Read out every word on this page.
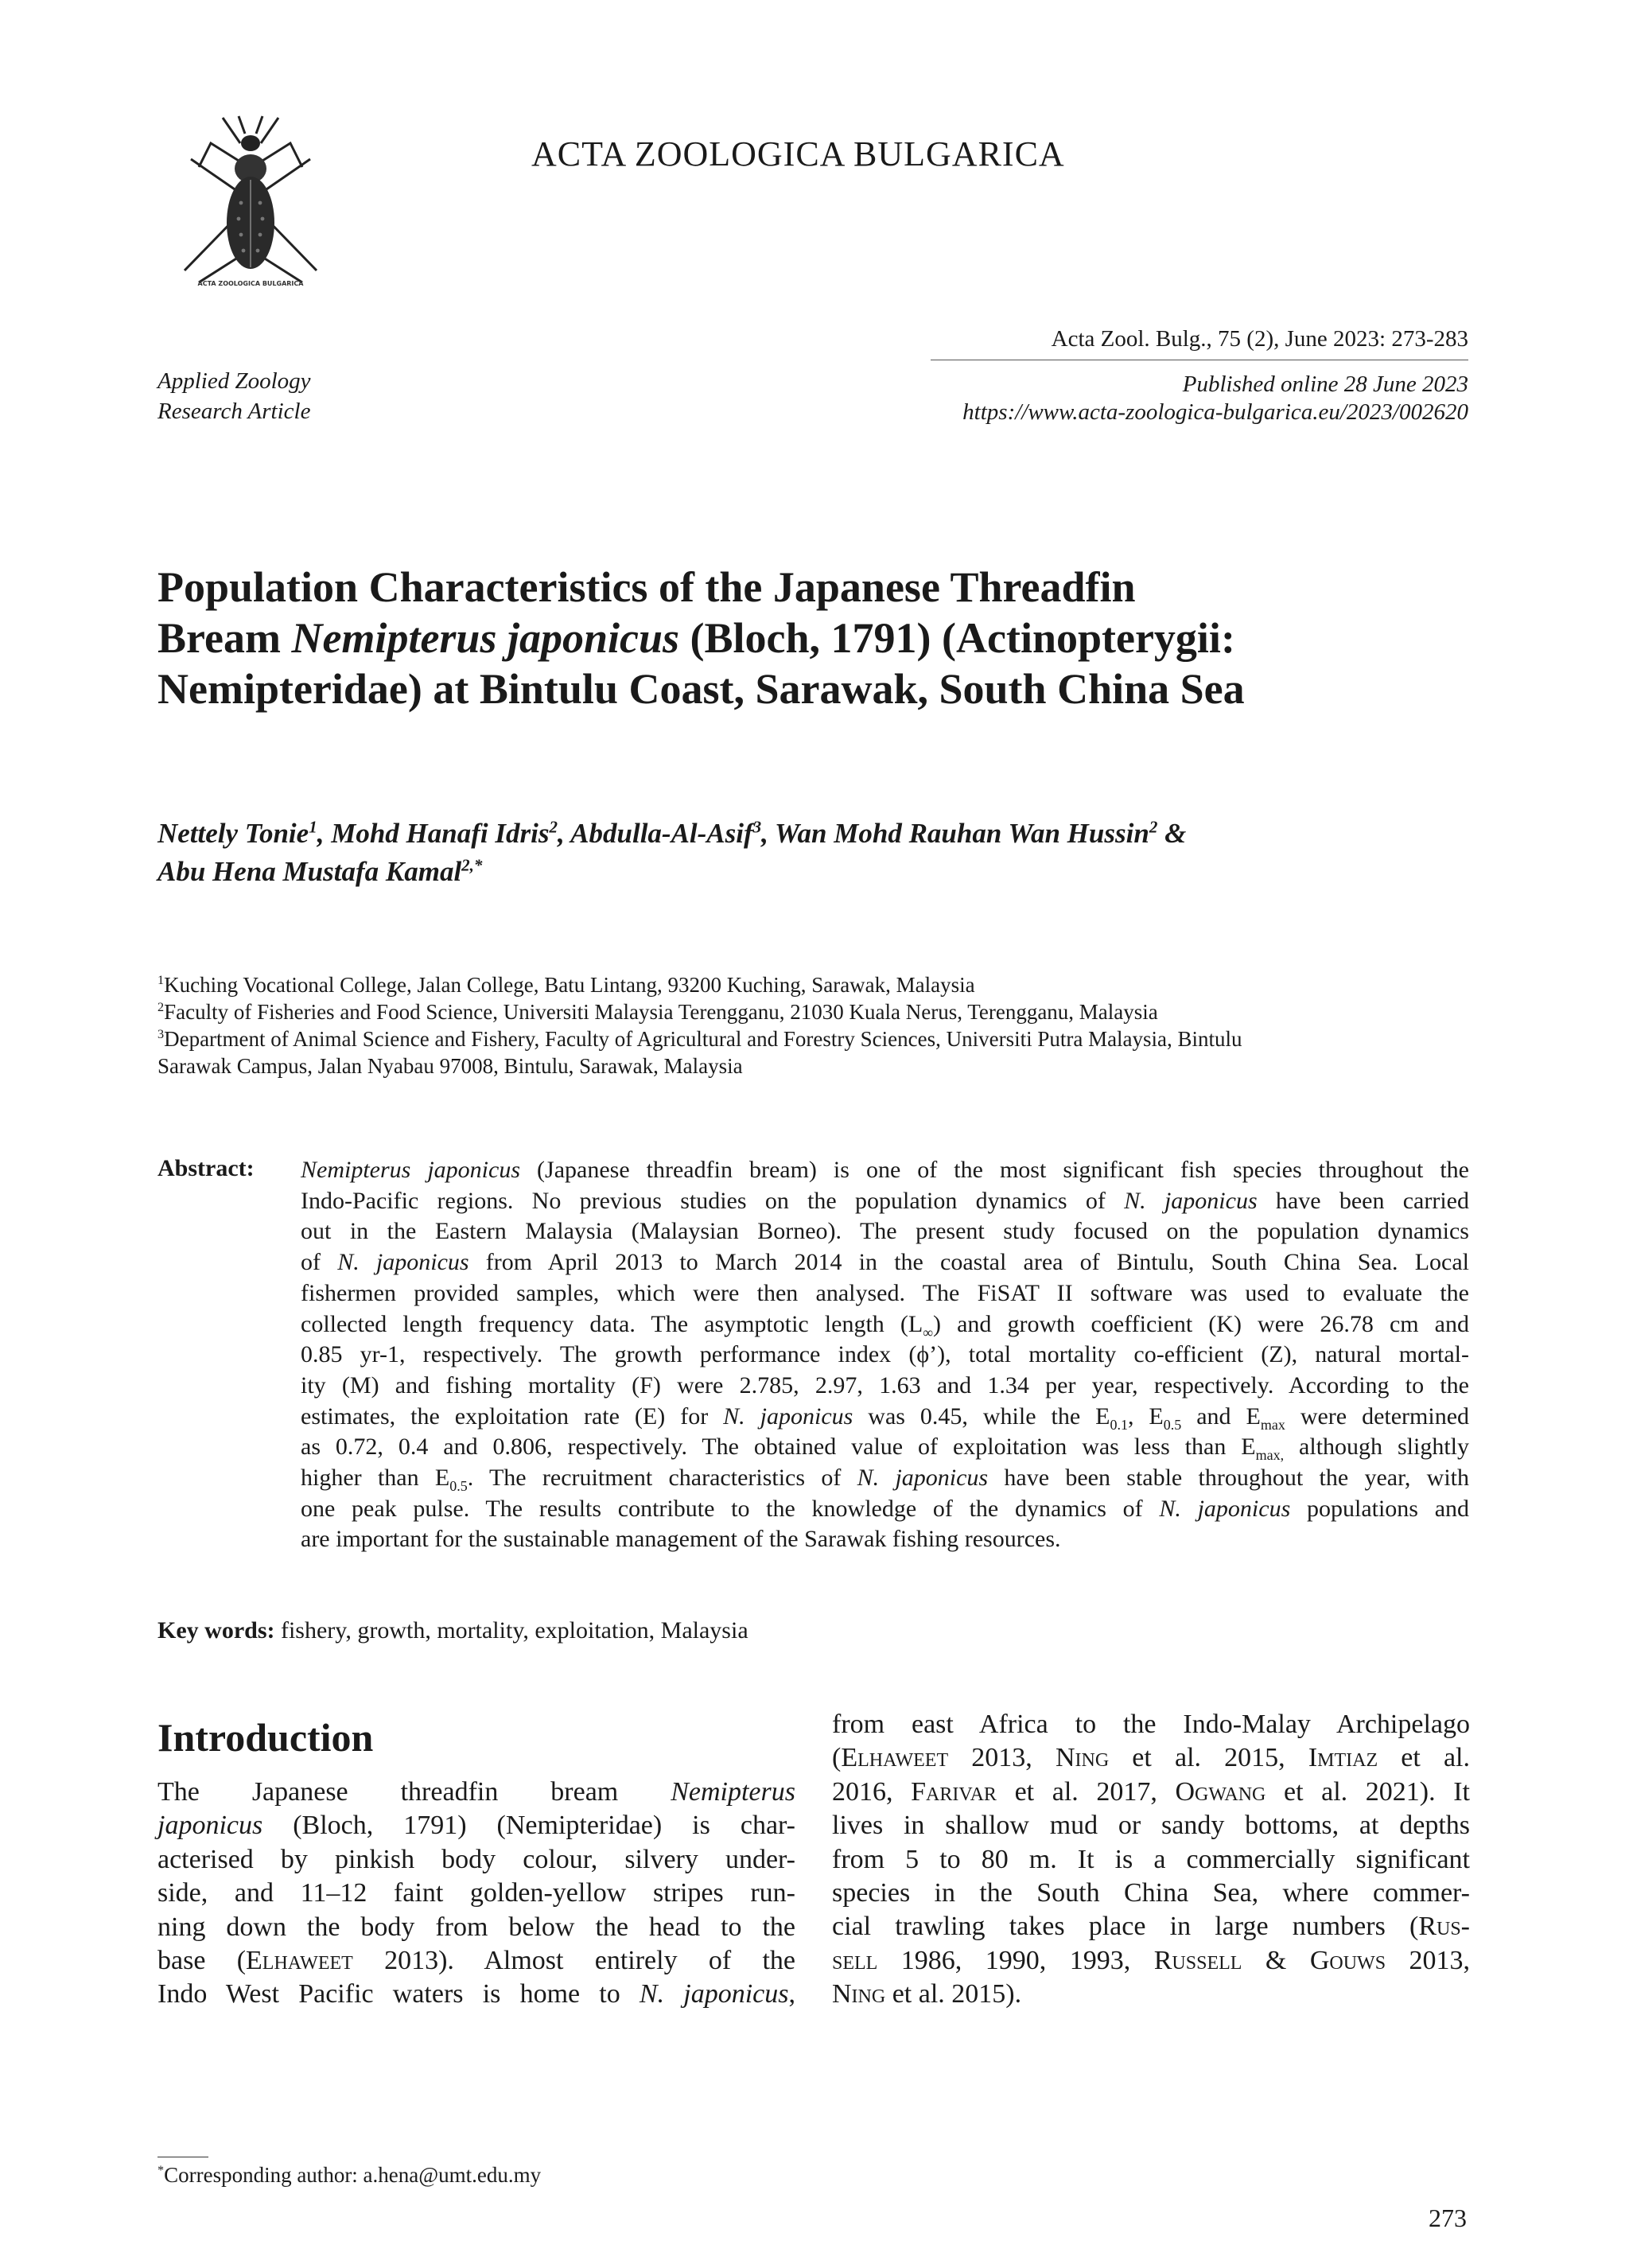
ACTA ZOOLOGICA BULGARICA
ACTA ZOOLOGICA BULGARICA
Acta Zool. Bulg., 75 (2), June 2023: 273-283
Published online 28 June 2023
https://www.acta-zoologica-bulgarica.eu/2023/002620
Applied Zoology
Research Article
Population Characteristics of the Japanese Threadfin
Bream Nemipterus japonicus (Bloch, 1791) (Actinopterygii:
Nemipteridae) at Bintulu Coast, Sarawak, South China Sea
Nettely Tonie$^1$, Mohd Hanafi Idris$^2$, Abdulla-Al-Asif$^3$, Wan Mohd Rauhan Wan Hussin$^2$ &
Abu Hena Mustafa Kamal$^{2,*}$
$^1$Kuching Vocational College, Jalan College, Batu Lintang, 93200 Kuching, Sarawak, Malaysia
$^2$Faculty of Fisheries and Food Science, Universiti Malaysia Terengganu, 21030 Kuala Nerus, Terengganu, Malaysia
$^3$Department of Animal Science and Fishery, Faculty of Agricultural and Forestry Sciences, Universiti Putra Malaysia, Bintulu
Sarawak Campus, Jalan Nyabau 97008, Bintulu, Sarawak, Malaysia
Abstract: Nemipterus japonicus (Japanese threadfin bream) is one of the most significant fish species throughout the
Indo-Pacific regions. No previous studies on the population dynamics of N. japonicus have been carried
out in the Eastern Malaysia (Malaysian Borneo). The present study focused on the population dynamics
of N. japonicus from April 2013 to March 2014 in the coastal area of Bintulu, South China Sea. Local
fishermen provided samples, which were then analysed. The FiSAT II software was used to evaluate the
collected length frequency data. The asymptotic length $(L_\infty)$ and growth coefficient (K) were 26.78 cm and
0.85 yr-1, respectively. The growth performance index (ϕ’), total mortality co-efficient (Z), natural mortal-
ity (M) and fishing mortality (F) were 2.785, 2.97, 1.63 and 1.34 per year, respectively. According to the
estimates, the exploitation rate (E) for N. japonicus was 0.45, while the $E_{0.1}$, $E_{0.5}$ and $E_{max}$ were determined
as 0.72, 0.4 and 0.806, respectively. The obtained value of exploitation was less than $E_{max,}$ although slightly
higher than $E_{0.5}$. The recruitment characteristics of N. japonicus have been stable throughout the year, with
one peak pulse. The results contribute to the knowledge of the dynamics of N. japonicus populations and
are important for the sustainable management of the Sarawak fishing resources.
Key words: fishery, growth, mortality, exploitation, Malaysia
Introduction
The Japanese threadfin bream Nemipterus
japonicus (Bloch, 1791) (Nemipteridae) is char-
acterised by pinkish body colour, silvery under-
side, and 11–12 faint golden-yellow stripes run-
ning down the body from below the head to the
base (Elhaweet 2013). Almost entirely of the
Indo West Pacific waters is home to N. japonicus,
from east Africa to the Indo-Malay Archipelago
(Elhaweet 2013, Ning et al. 2015, Imtiaz et al.
2016, Farivar et al. 2017, Ogwang et al. 2021). It
lives in shallow mud or sandy bottoms, at depths
from 5 to 80 m. It is a commercially significant
species in the South China Sea, where commer-
cial trawling takes place in large numbers (Rus-
sell 1986, 1990, 1993, Russell & Gouws 2013,
Ning et al. 2015).
*Corresponding author: a.hena@umt.edu.my
273
